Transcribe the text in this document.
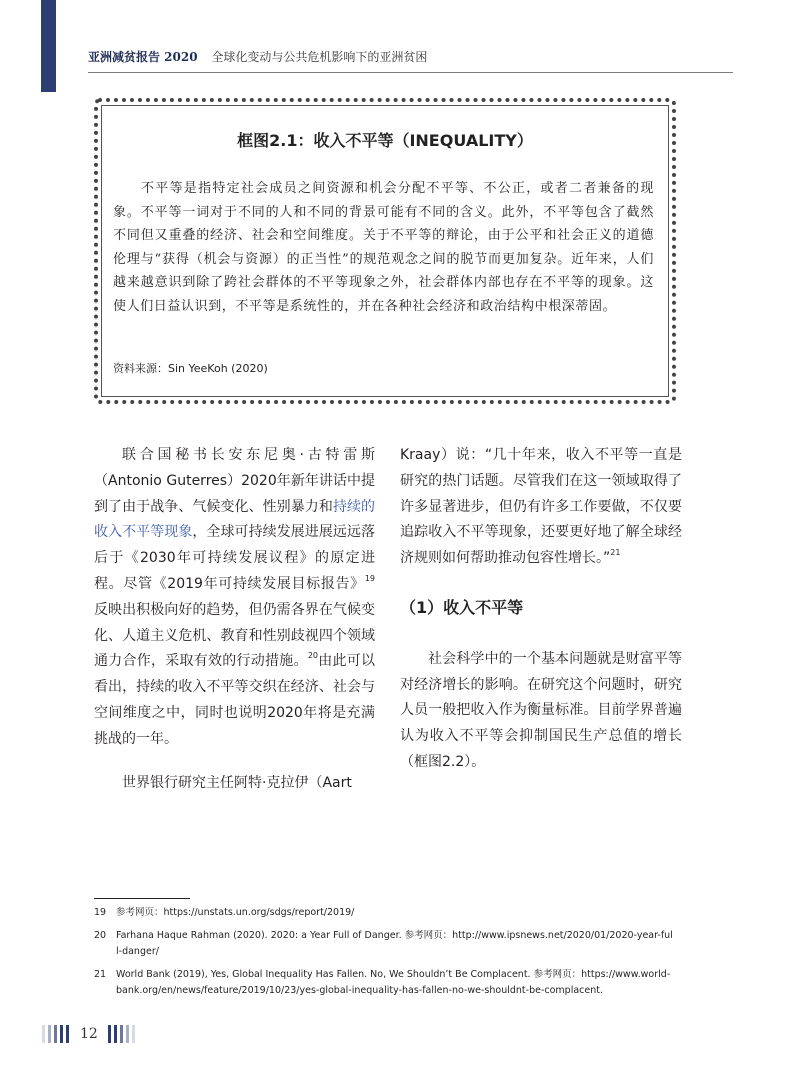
亚洲减贫报告 2020 全球化变动与公共危机影响下的亚洲贫困
框图2.1：收入不平等（INEQUALITY）
不平等是指特定社会成员之间资源和机会分配不平等、不公正，或者二者兼备的现象。不平等一词对于不同的人和不同的背景可能有不同的含义。此外，不平等包含了截然不同但又重叠的经济、社会和空间维度。关于不平等的辩论，由于公平和社会正义的道德伦理与“获得（机会与资源）的正当性”的规范观念之间的脱节而更加复杂。近年来，人们越来越意识到除了跨社会群体的不平等现象之外，社会群体内部也存在不平等的现象。这使人们日益认识到，不平等是系统性的，并在各种社会经济和政治结构中根深蒂固。
资料来源：Sin YeeKoh (2020)

联合国秘书长安东尼奥·古特雷斯（Antonio Guterres）2020年新年讲话中提到了由于战争、气候变化、性别暴力和持续的收入不平等现象，全球可持续发展进展远远落后于《2030年可持续发展议程》的原定进程。尽管《2019年可持续发展目标报告》$^{19}$反映出积极向好的趋势，但仍需各界在气候变化、人道主义危机、教育和性别歧视四个领域通力合作，采取有效的行动措施。$^{20}$由此可以看出，持续的收入不平等交织在经济、社会与空间维度之中，同时也说明2020年将是充满挑战的一年。

世界银行研究主任阿特·克拉伊（Aart

Kraay）说：“几十年来，收入不平等一直是研究的热门话题。尽管我们在这一领域取得了许多显著进步，但仍有许多工作要做，不仅要追踪收入不平等现象，还要更好地了解全球经济规则如何帮助推动包容性增长。”$^{21}$

（1）收入不平等

社会科学中的一个基本问题就是财富平等对经济增长的影响。在研究这个问题时，研究人员一般把收入作为衡量标准。目前学界普遍认为收入不平等会抑制国民生产总值的增长（框图2.2）。

19	参考网页：https://unstats.un.org/sdgs/report/2019/
20	Farhana Haque Rahman (2020). 2020: a Year Full of Danger. 参考网页：http://www.ipsnews.net/2020/01/2020-year-full-danger/
21	World Bank (2019), Yes, Global Inequality Has Fallen. No, We Shouldn’t Be Complacent. 参考网页：https://www.world-bank.org/en/news/feature/2019/10/23/yes-global-inequality-has-fallen-no-we-shouldnt-be-complacent.
12
